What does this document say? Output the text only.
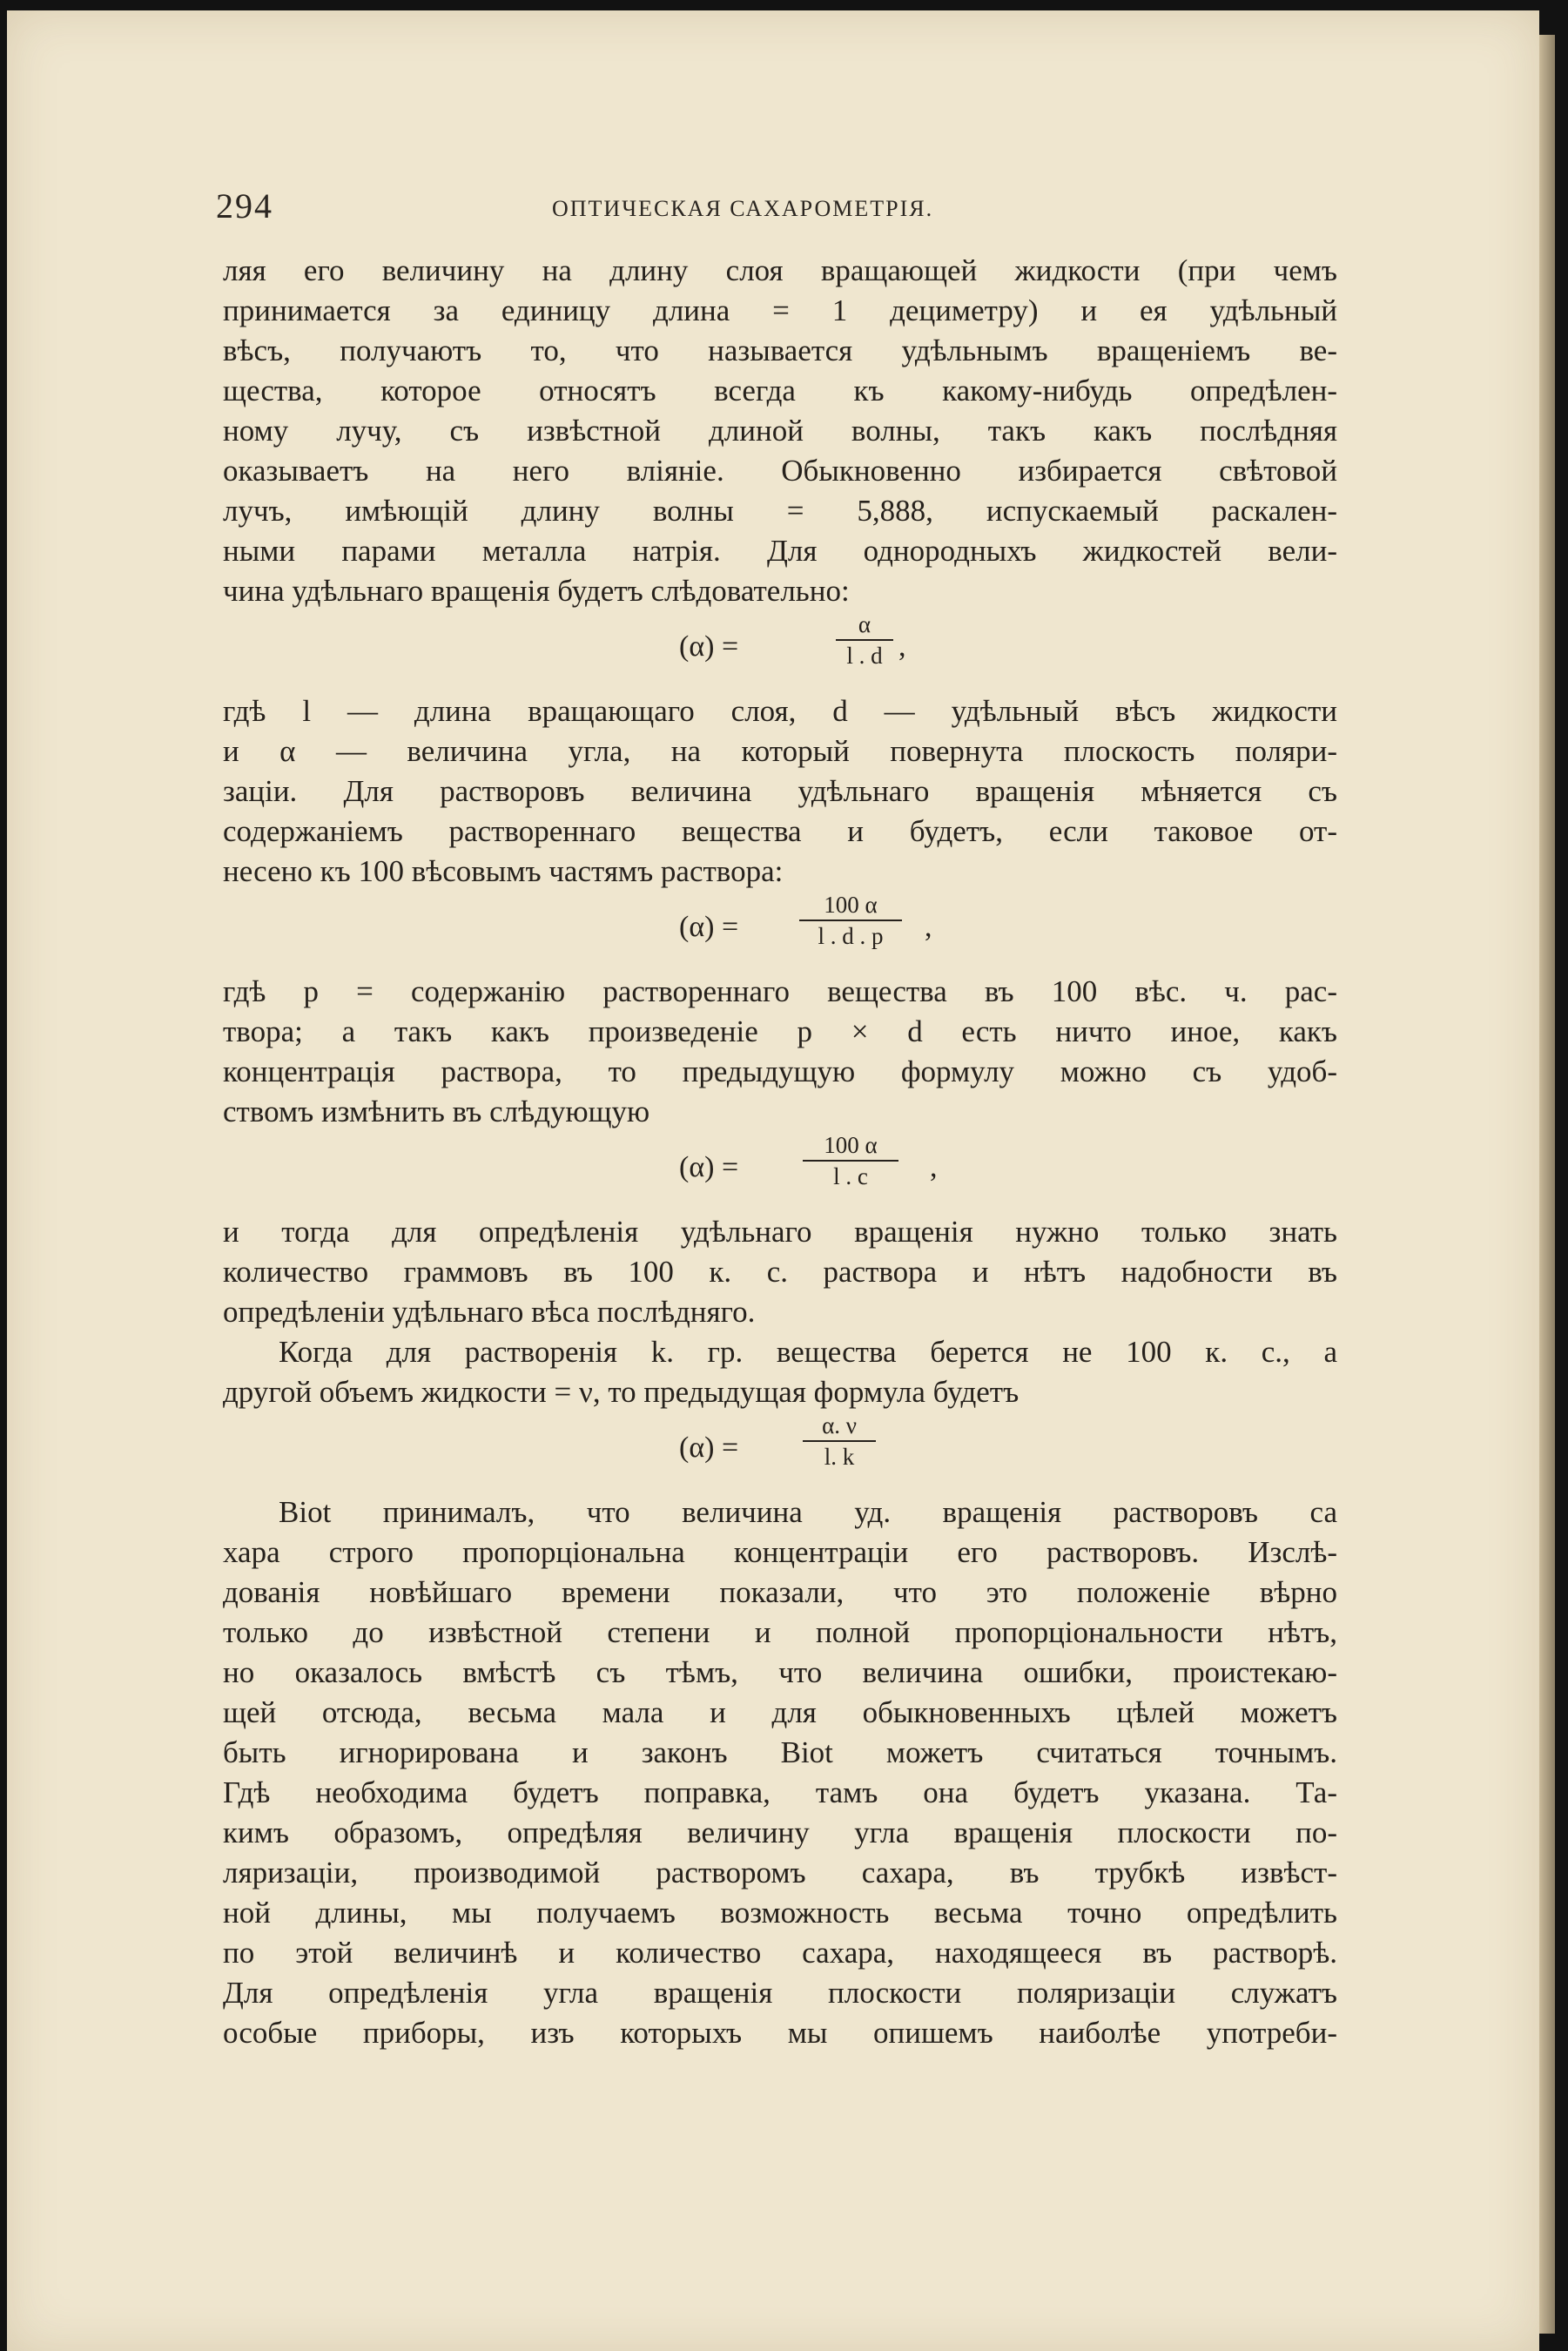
294	ОПТИЧЕСКАЯ САХАРОМЕТРІЯ.
ляя его величину на длину слоя вращающей жидкости (при чемъ
принимается за единицу длина = 1 дециметру) и ея удѣльный
вѣсъ, получаютъ то, что называется удѣльнымъ вращеніемъ ве-
щества, которое относятъ всегда къ какому-нибудь опредѣлен-
ному лучу, съ извѣстной длиной волны, такъ какъ послѣдняя
оказываетъ на него вліяніе. Обыкновенно избирается свѣтовой
лучъ, имѣющій длину волны = 5,888, испускаемый раскален-
ными парами металла натрія. Для однородныхъ жидкостей вели-
чина удѣльнаго вращенія будетъ слѣдовательно:
(α) =
α
l . d ,
гдѣ l — длина вращающаго слоя, d — удѣльный вѣсъ жидкости
и α — величина угла, на который повернута плоскость поляри-
заціи. Для растворовъ величина удѣльнаго вращенія мѣняется съ
содержаніемъ раствореннаго вещества и будетъ, если таковое от-
несено къ 100 вѣсовымъ частямъ раствора:
(α) =
100 α
l . d . p	,
гдѣ p = содержанію раствореннаго вещества въ 100 вѣс. ч. рас-
твора; а такъ какъ произведеніе p × d есть ничто иное, какъ
концентрація раствора, то предыдущую формулу можно съ удоб-
ствомъ измѣнить въ слѣдующую
(α) =
100 α
l . c	,
и тогда для опредѣленія удѣльнаго вращенія нужно только знать
количество граммовъ въ 100 к. с. раствора и нѣтъ надобности въ
опредѣленіи удѣльнаго вѣса послѣдняго.
Когда для растворенія k. гр. вещества берется не 100 к. с., а
другой объемъ жидкости = ν, то предыдущая формула будетъ
(α) =
α. ν
l. k
Biot принималъ, что величина уд. вращенія растворовъ са
хара строго пропорціональна концентраціи его растворовъ. Изслѣ-
дованія новѣйшаго времени показали, что это положеніе вѣрно
только до извѣстной степени и полной пропорціональности нѣтъ,
но оказалось вмѣстѣ съ тѣмъ, что величина ошибки, проистекаю-
щей отсюда, весьма мала и для обыкновенныхъ цѣлей можетъ
быть игнорирована и законъ Biot можетъ считаться точнымъ.
Гдѣ необходима будетъ поправка, тамъ она будетъ указана. Та-
кимъ образомъ, опредѣляя величину угла вращенія плоскости по-
ляризаціи, производимой растворомъ сахара, въ трубкѣ извѣст-
ной длины, мы получаемъ возможность весьма точно опредѣлить
по этой величинѣ и количество сахара, находящееся въ растворѣ.
Для опредѣленія угла вращенія плоскости поляризаціи служатъ
особые приборы, изъ которыхъ мы опишемъ наиболѣе употреби-
